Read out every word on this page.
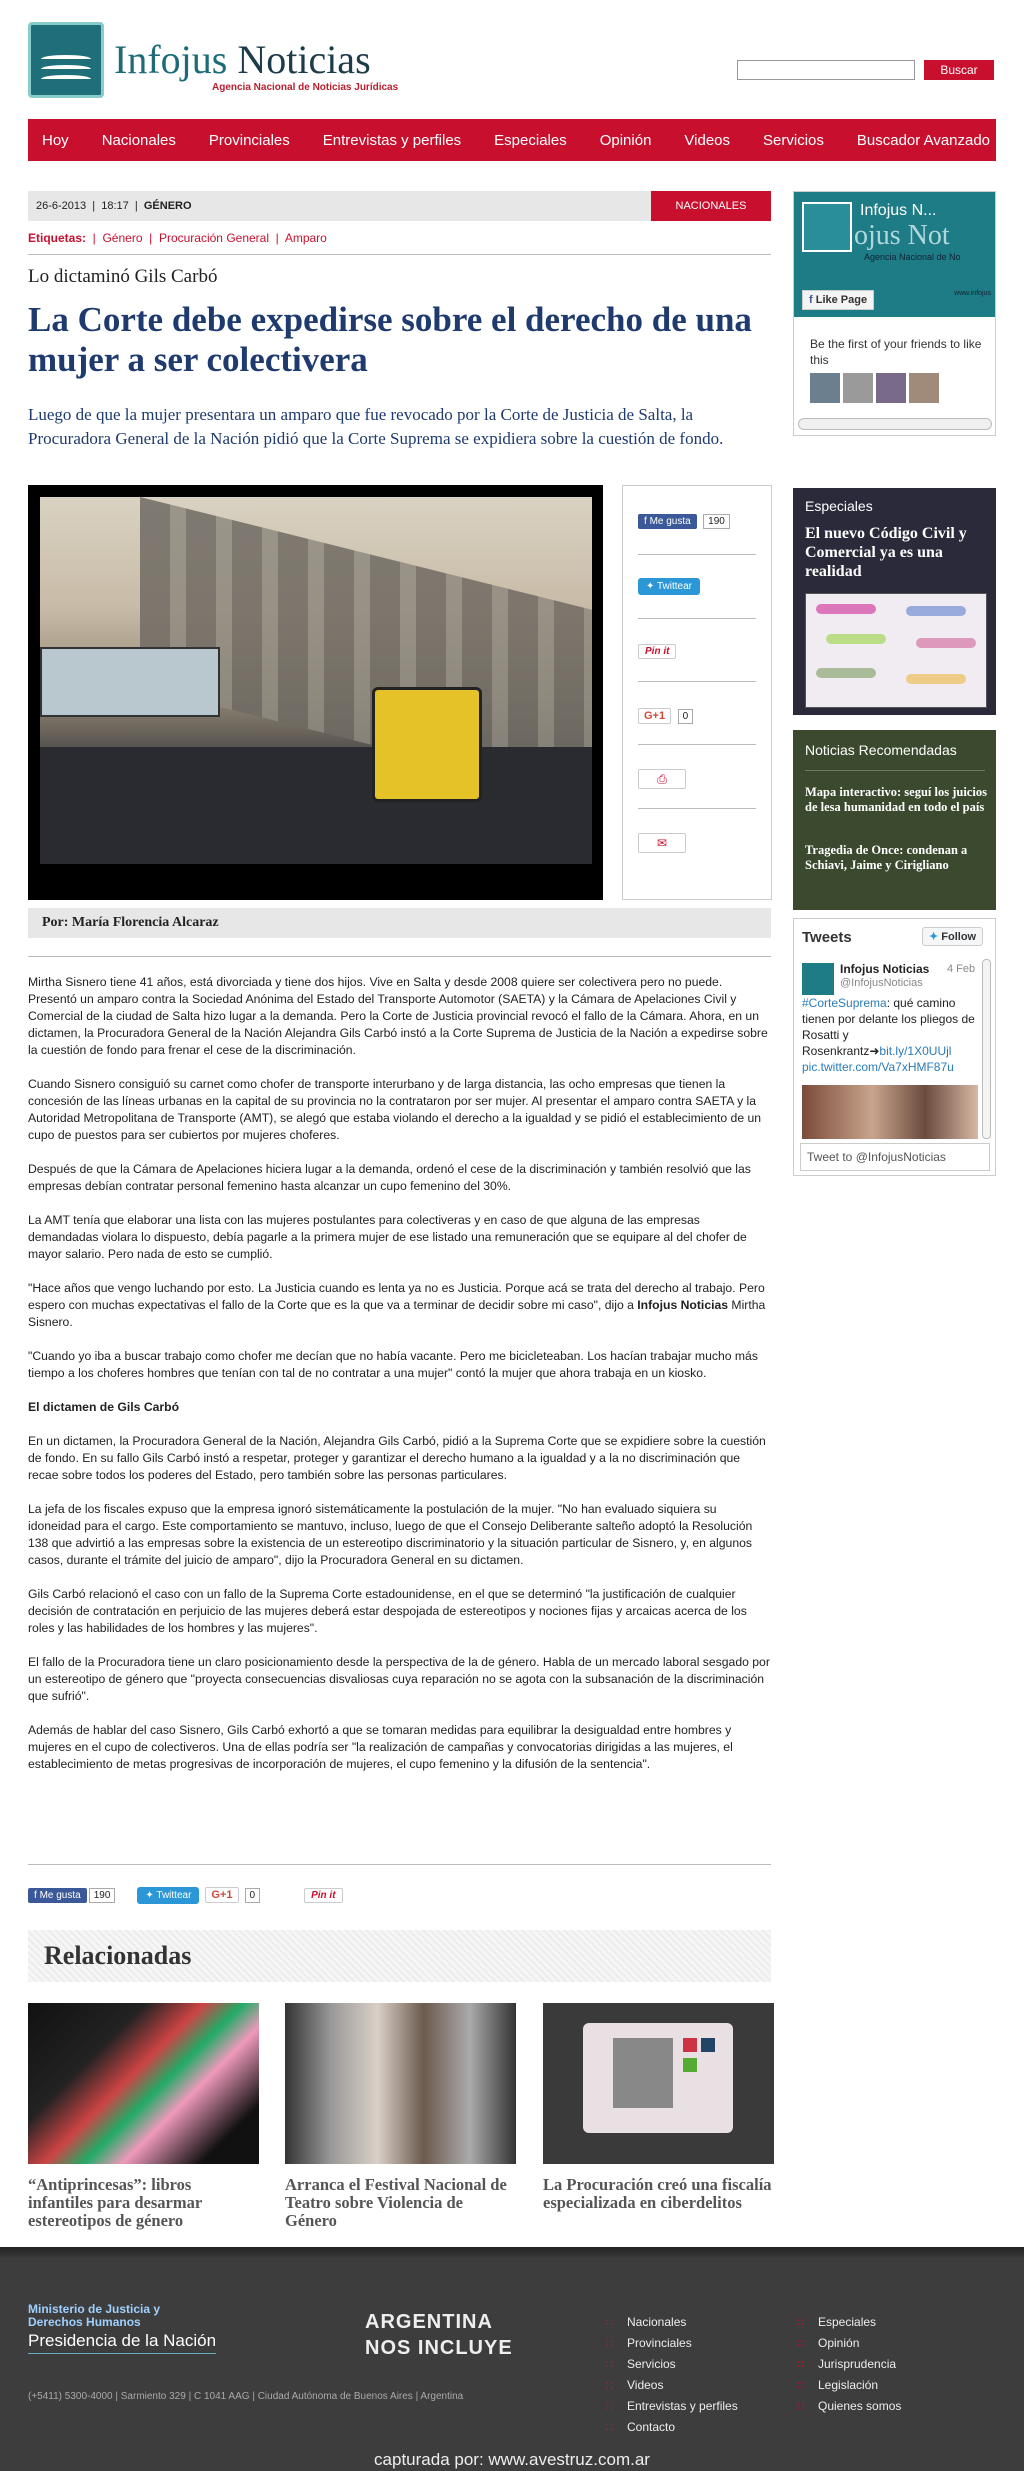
Infojus Noticias
Agencia Nacional de Noticias Jurídicas
Buscar
Hoy Nacionales Provinciales Entrevistas y perfiles Especiales Opinión Videos Servicios Buscador Avanzado
26-6-2013  |  18:17  |  GÉNERO	NACIONALES
Etiquetas:  |  Género  |  Procuración General  |  Amparo
Lo dictaminó Gils Carbó
La Corte debe expedirse sobre el derecho de una mujer a ser colectivera
Luego de que la mujer presentara un amparo que fue revocado por la Corte de Justicia de Salta, la Procuradora General de la Nación pidió que la Corte Suprema se expidiera sobre la cuestión de fondo.
f Me gusta 190
✦ Twittear
Pin it
G+1 0
⎙
✉
Por: María Florencia Alcaraz

Mirtha Sisnero tiene 41 años, está divorciada y tiene dos hijos. Vive en Salta y desde 2008 quiere ser colectivera pero no puede. Presentó un amparo contra la Sociedad Anónima del Estado del Transporte Automotor (SAETA) y la Cámara de Apelaciones Civil y Comercial de la ciudad de Salta hizo lugar a la demanda. Pero la Corte de Justicia provincial revocó el fallo de la Cámara. Ahora, en un dictamen, la Procuradora General de la Nación Alejandra Gils Carbó instó a la Corte Suprema de Justicia de la Nación a expedirse sobre la cuestión de fondo para frenar el cese de la discriminación.

Cuando Sisnero consiguió su carnet como chofer de transporte interurbano y de larga distancia, las ocho empresas que tienen la concesión de las líneas urbanas en la capital de su provincia no la contrataron por ser mujer. Al presentar el amparo contra SAETA y la Autoridad Metropolitana de Transporte (AMT), se alegó que estaba violando el derecho a la igualdad y se pidió el establecimiento de un cupo de puestos para ser cubiertos por mujeres choferes.

Después de que la Cámara de Apelaciones hiciera lugar a la demanda, ordenó el cese de la discriminación y también resolvió que las empresas debían contratar personal femenino hasta alcanzar un cupo femenino del 30%.

La AMT tenía que elaborar una lista con las mujeres postulantes para colectiveras y en caso de que alguna de las empresas demandadas violara lo dispuesto, debía pagarle a la primera mujer de ese listado una remuneración que se equipare al del chofer de mayor salario. Pero nada de esto se cumplió.

"Hace años que vengo luchando por esto. La Justicia cuando es lenta ya no es Justicia. Porque acá se trata del derecho al trabajo. Pero espero con muchas expectativas el fallo de la Corte que es la que va a terminar de decidir sobre mi caso", dijo a Infojus Noticias Mirtha Sisnero.

"Cuando yo iba a buscar trabajo como chofer me decían que no había vacante. Pero me bicicleteaban. Los hacían trabajar mucho más tiempo a los choferes hombres que tenían con tal de no contratar a una mujer" contó la mujer que ahora trabaja en un kiosko.

El dictamen de Gils Carbó

En un dictamen, la Procuradora General de la Nación, Alejandra Gils Carbó, pidió a la Suprema Corte que se expidiere sobre la cuestión de fondo. En su fallo Gils Carbó instó a respetar, proteger y garantizar el derecho humano a la igualdad y a la no discriminación que recae sobre todos los poderes del Estado, pero también sobre las personas particulares.

La jefa de los fiscales expuso que la empresa ignoró sistemáticamente la postulación de la mujer. "No han evaluado siquiera su idoneidad para el cargo. Este comportamiento se mantuvo, incluso, luego de que el Consejo Deliberante salteño adoptó la Resolución 138 que advirtió a las empresas sobre la existencia de un estereotipo discriminatorio y la situación particular de Sisnero, y, en algunos casos, durante el trámite del juicio de amparo", dijo la Procuradora General en su dictamen.

Gils Carbó relacionó el caso con un fallo de la Suprema Corte estadounidense, en el que se determinó "la justificación de cualquier decisión de contratación en perjuicio de las mujeres deberá estar despojada de estereotipos y nociones fijas y arcaicas acerca de los roles y las habilidades de los hombres y las mujeres".

El fallo de la Procuradora tiene un claro posicionamiento desde la perspectiva de la de género. Habla de un mercado laboral sesgado por un estereotipo de género que "proyecta consecuencias disvaliosas cuya reparación no se agota con la subsanación de la discriminación que sufrió".

Además de hablar del caso Sisnero, Gils Carbó exhortó a que se tomaran medidas para equilibrar la desigualdad entre hombres y mujeres en el cupo de colectiveros. Una de ellas podría ser "la realización de campañas y convocatorias dirigidas a las mujeres, el establecimiento de metas progresivas de incorporación de mujeres, el cupo femenino y la difusión de la sentencia".

f Me gusta	190	✦ Twittear	G+1	0	Pin it
Relacionadas
“Antiprincesas”: libros infantiles para desarmar estereotipos de género
Arranca el Festival Nacional de Teatro sobre Violencia de Género
La Procuración creó una fiscalía especializada en ciberdelitos
ojus Not
Infojus N...
Agencia Nacional de No
www.infojus
f Like Page
Be the first of your friends to like this
Especiales
El nuevo Código Civil y Comercial ya es una realidad
Noticias Recomendadas
Mapa interactivo: seguí los juicios de lesa humanidad en todo el país
Tragedia de Once: condenan a Schiavi, Jaime y Cirigliano
Tweets	✦ Follow
Infojus Noticias
@InfojusNoticias
4 Feb
#CorteSuprema: qué camino tienen por delante los pliegos de Rosatti y Rosenkrantz➜bit.ly/1X0UUjl pic.twitter.com/Va7xHMF87u
Tweet to @InfojusNoticias
Ministerio de Justicia y Derechos Humanos
Presidencia de la Nación
ARGENTINA
NOS INCLUYE
∷ Nacionales
∷ Provinciales
∷ Servicios
∷ Videos
∷ Entrevistas y perfiles
∷ Contacto
∷ Especiales
∷ Opinión
∷ Jurisprudencia
∷ Legislación
∷ Quienes somos
(+5411) 5300-4000 | Sarmiento 329 | C 1041 AAG | Ciudad Autónoma de Buenos Aires | Argentina
capturada por: www.avestruz.com.ar
